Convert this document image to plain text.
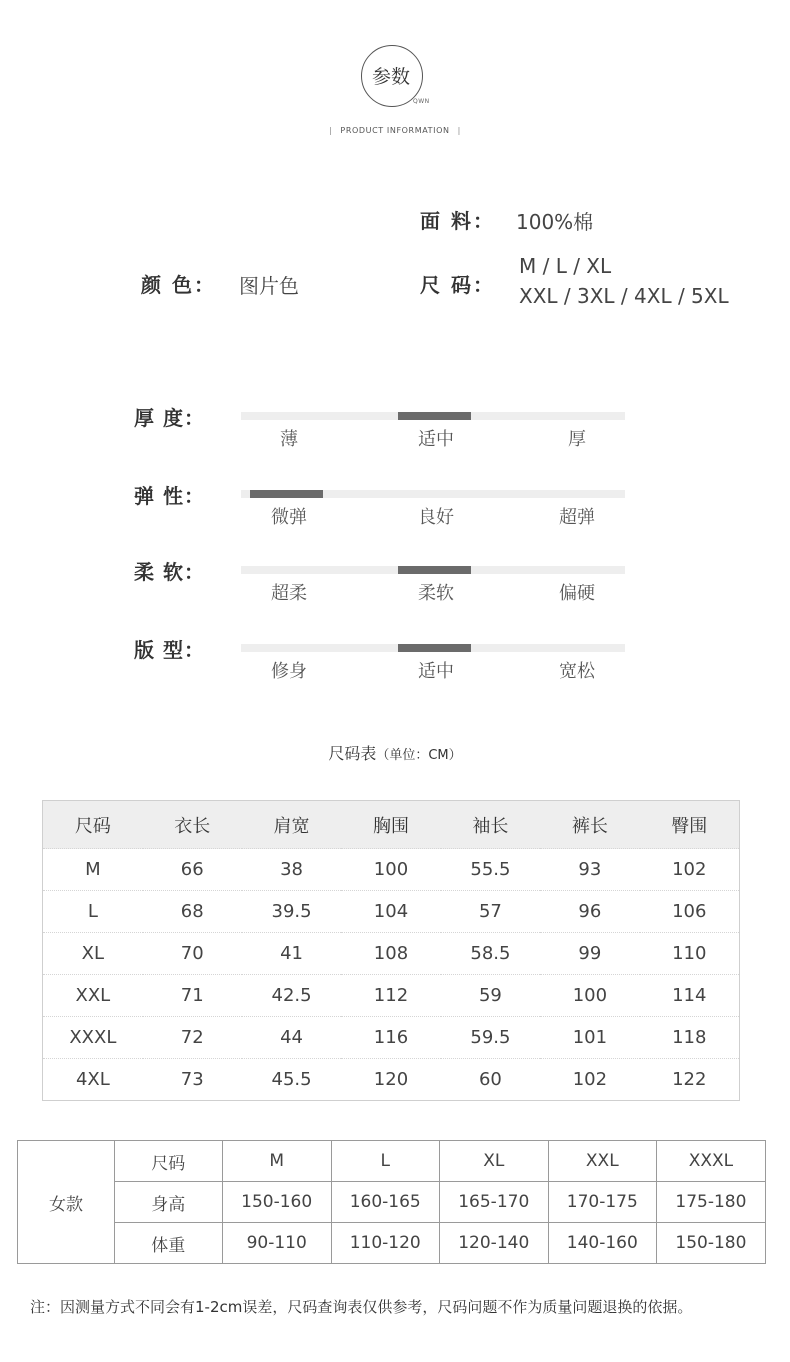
参数
QWN
| PRODUCT INFORMATION |
面 料： 100%棉
颜 色： 图片色	尺 码：
M / L / XL
XXL / 3XL / 4XL / 5XL
厚 度：
薄	适中	厚
弹 性：
微弹	良好	超弹
柔 软：
超柔	柔软	偏硬
版 型：
修身	适中	宽松
尺码表（单位：CM）
尺码	衣长	肩宽	胸围	袖长	裤长	臀围
M	66	38	100	55.5	93	102
L	68	39.5	104	57	96	106
XL	70	41	108	58.5	99	110
XXL	71	42.5	112	59	100	114
XXXL	72	44	116	59.5	101	118
4XL	73	45.5	120	60	102	122
女款	尺码	M	L	XL	XXL	XXXL
	身高	150-160	160-165	165-170	170-175	175-180
	体重	90-110	110-120	120-140	140-160	150-180
注：因测量方式不同会有1-2cm误差，尺码查询表仅供参考，尺码问题不作为质量问题退换的依据。
